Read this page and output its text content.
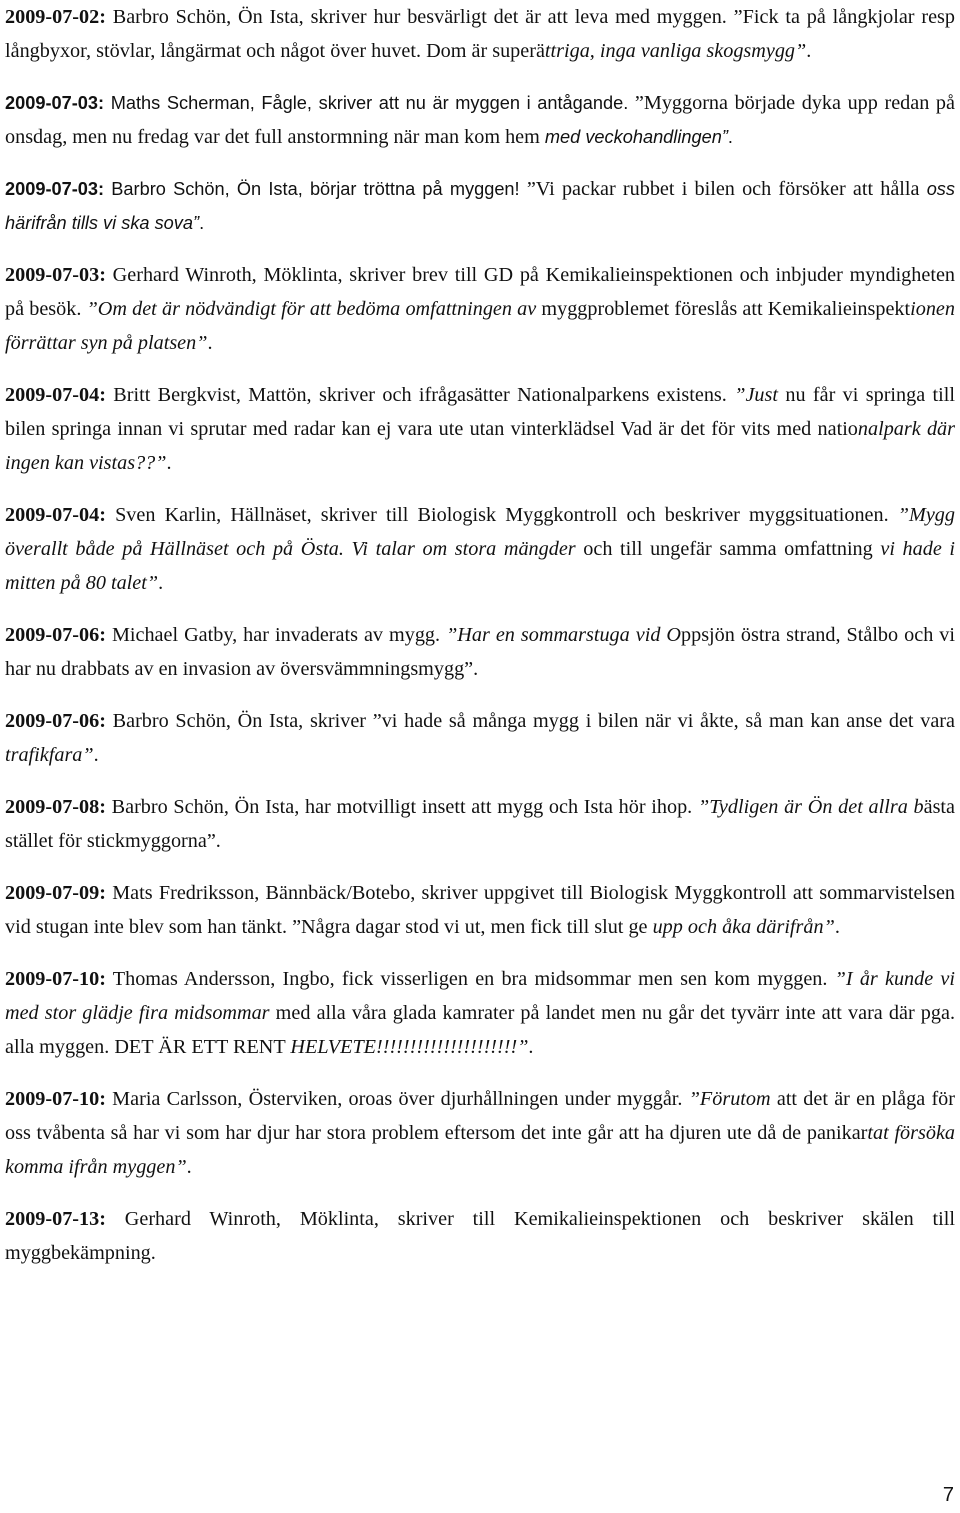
2009-07-02: Barbro Schön, Ön Ista, skriver hur besvärligt det är att leva med myggen. ”Fick ta på långkjolar resp långbyxor, stövlar, långärmat och något över huvet. Dom är superättriga, inga vanliga skogsmygg”.

2009-07-03: Maths Scherman, Fågle, skriver att nu är myggen i antågande. ”Myggorna började dyka upp redan på onsdag, men nu fredag var det full anstormning när man kom hem med veckohandlingen”.

2009-07-03: Barbro Schön, Ön Ista, börjar tröttna på myggen! ”Vi packar rubbet i bilen och försöker att hålla oss härifrån tills vi ska sova”.

2009-07-03: Gerhard Winroth, Möklinta, skriver brev till GD på Kemikalieinspektionen och inbjuder myndigheten på besök. ”Om det är nödvändigt för att bedöma omfattningen av myggproblemet föreslås att Kemikalieinspektionen förrättar syn på platsen”.

2009-07-04: Britt Bergkvist, Mattön, skriver och ifrågasätter Nationalparkens existens. ”Just nu får vi springa till bilen springa innan vi sprutar med radar kan ej vara ute utan vinterklädsel Vad är det för vits med nationalpark där ingen kan vistas??”.

2009-07-04: Sven Karlin, Hällnäset, skriver till Biologisk Myggkontroll och beskriver myggsituationen. ”Mygg överallt både på Hällnäset och på Östa. Vi talar om stora mängder och till ungefär samma omfattning vi hade i mitten på 80 talet”.

2009-07-06: Michael Gatby, har invaderats av mygg. ”Har en sommarstuga vid Oppsjön östra strand, Stålbo och vi har nu drabbats av en invasion av översvämmningsmygg”.

2009-07-06: Barbro Schön, Ön Ista, skriver ”vi hade så många mygg i bilen när vi åkte, så man kan anse det vara trafikfara”.

2009-07-08: Barbro Schön, Ön Ista, har motvilligt insett att mygg och Ista hör ihop. ”Tydligen är Ön det allra bästa stället för stickmyggorna”.

2009-07-09: Mats Fredriksson, Bännbäck/Botebo, skriver uppgivet till Biologisk Myggkontroll att sommarvistelsen vid stugan inte blev som han tänkt. ”Några dagar stod vi ut, men fick till slut ge upp och åka därifrån”.

2009-07-10: Thomas Andersson, Ingbo, fick visserligen en bra midsommar men sen kom myggen. ”I år kunde vi med stor glädje fira midsommar med alla våra glada kamrater på landet men nu går det tyvärr inte att vara där pga. alla myggen. DET ÄR ETT RENT HELVETE!!!!!!!!!!!!!!!!!!!!!”.

2009-07-10: Maria Carlsson, Österviken, oroas över djurhållningen under myggår. ”Förutom att det är en plåga för oss tvåbenta så har vi som har djur har stora problem eftersom det inte går att ha djuren ute då de panikartat försöka komma ifrån myggen”.

2009-07-13: Gerhard Winroth, Möklinta, skriver till Kemikalieinspektionen och beskriver skälen till myggbekämpning.

7
